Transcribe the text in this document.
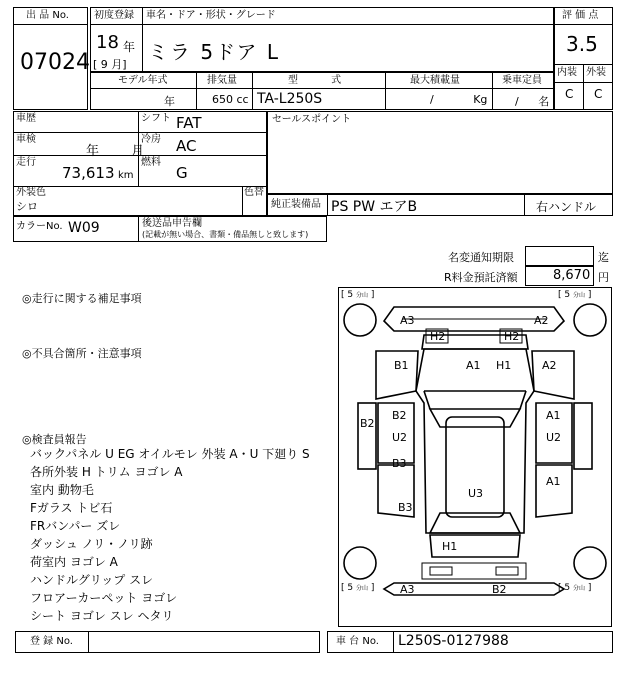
出 品 No.
07024
初度登録
18 年
[ 9 月]
車名・ドア・形状・グレード
ミラ 5ドア L
評 価 点
3.5
内装 外装
C C
モデル年式	排気量	型 式	最大積載量	乗車定員
年	650 cc TA-L250S	/ Kg	/ 名
車歴	シフト FAT
車検
年 月
冷房 AC
走行
73,613 km
燃料
G
セールスポイント
外装色
シロ
色替
純正装備品 PS PW エアB	右ハンドル
カラーNo. W09	後送品申告欄
(記載が無い場合、書類・備品無しと致します)
名変通知期限	迄
R料金預託済額	8,670 円
◎走行に関する補足事項
◎不具合箇所・注意事項
◎検査員報告
バックパネル U EG オイルモレ 外装 A・U 下廻り S
各所外装 H トリム ヨゴレ A
室内 動物毛
Fガラス トビ石
FRバンパー ズレ
ダッシュ ノリ・ノリ跡
荷室内 ヨゴレ A
ハンドルグリップ スレ
フロアーカーペット ヨゴレ
シート ヨゴレ スレ ヘタリ
[ 5 分山 ]	[ 5 分山 ]
[ 5 分山 ]	[ 5 分山 ]
A3	A2
H2	H2
A1 H1
B1	A2
B2
B2
U2
B3
B3
A1
U2
A1
U3
H1
A3	B2
登 録 No.	車 台 No. L250S-0127988
